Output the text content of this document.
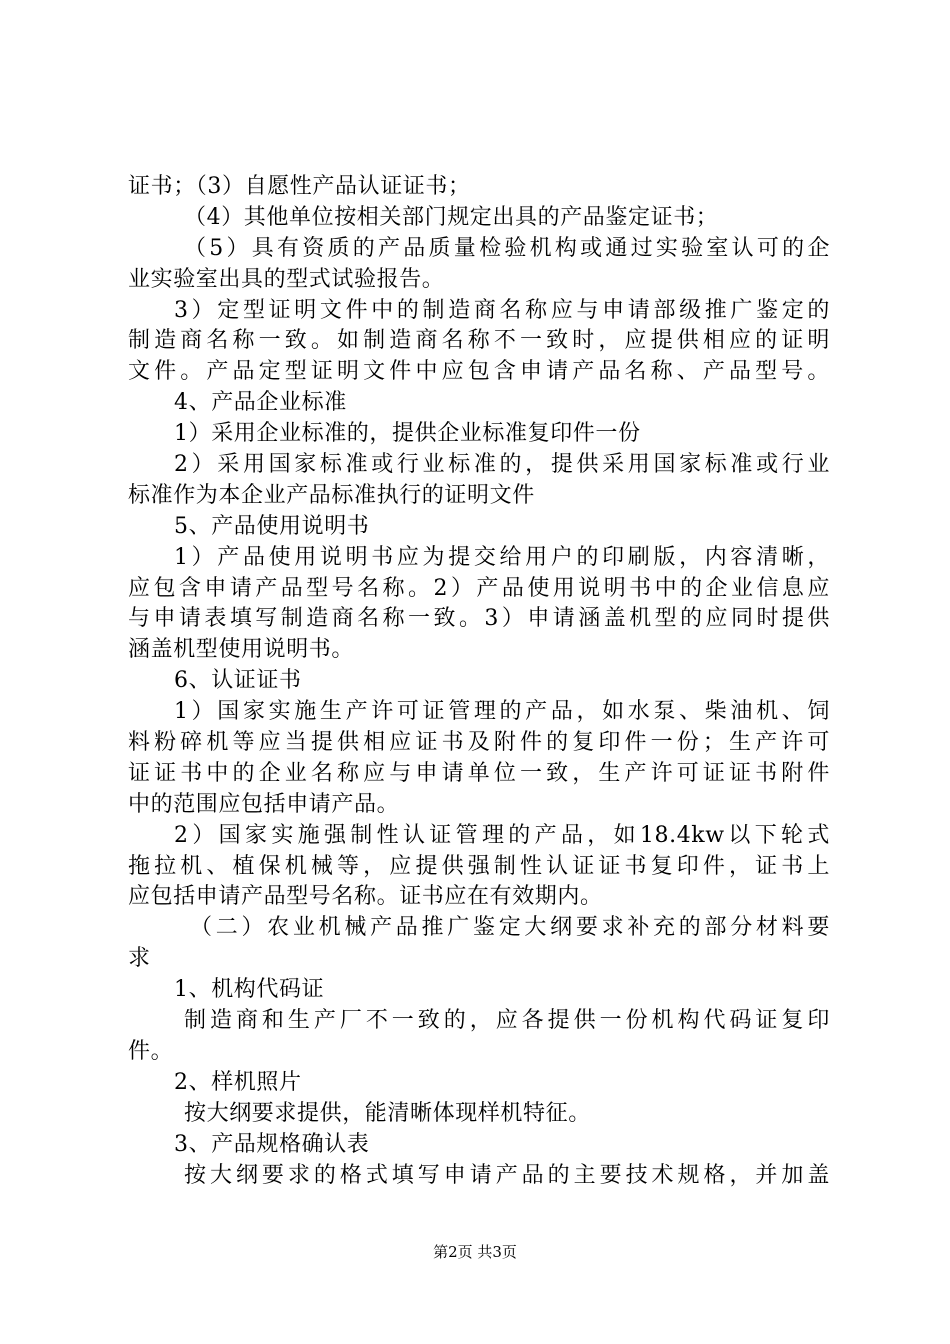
证书；（3）自愿性产品认证证书；
（4）其他单位按相关部门规定出具的产品鉴定证书；
（5）具有资质的产品质量检验机构或通过实验室认可的企
业实验室出具的型式试验报告。
3）定型证明文件中的制造商名称应与申请部级推广鉴定的
制造商名称一致。如制造商名称不一致时，应提供相应的证明
文件。产品定型证明文件中应包含申请产品名称、产品型号。
4、产品企业标准
1）采用企业标准的，提供企业标准复印件一份
2）采用国家标准或行业标准的，提供采用国家标准或行业
标准作为本企业产品标准执行的证明文件
5、产品使用说明书
1）产品使用说明书应为提交给用户的印刷版，内容清晰，
应包含申请产品型号名称。2）产品使用说明书中的企业信息应
与申请表填写制造商名称一致。3）申请涵盖机型的应同时提供
涵盖机型使用说明书。
6、认证证书
1）国家实施生产许可证管理的产品，如水泵、柴油机、饲
料粉碎机等应当提供相应证书及附件的复印件一份；生产许可
证证书中的企业名称应与申请单位一致，生产许可证证书附件
中的范围应包括申请产品。
2）国家实施强制性认证管理的产品，如18.4kw以下轮式
拖拉机、植保机械等，应提供强制性认证证书复印件，证书上
应包括申请产品型号名称。证书应在有效期内。
（二）农业机械产品推广鉴定大纲要求补充的部分材料要
求
1、机构代码证
制造商和生产厂不一致的，应各提供一份机构代码证复印
件。
2、样机照片
按大纲要求提供，能清晰体现样机特征。
3、产品规格确认表
按大纲要求的格式填写申请产品的主要技术规格，并加盖
第2页 共3页
